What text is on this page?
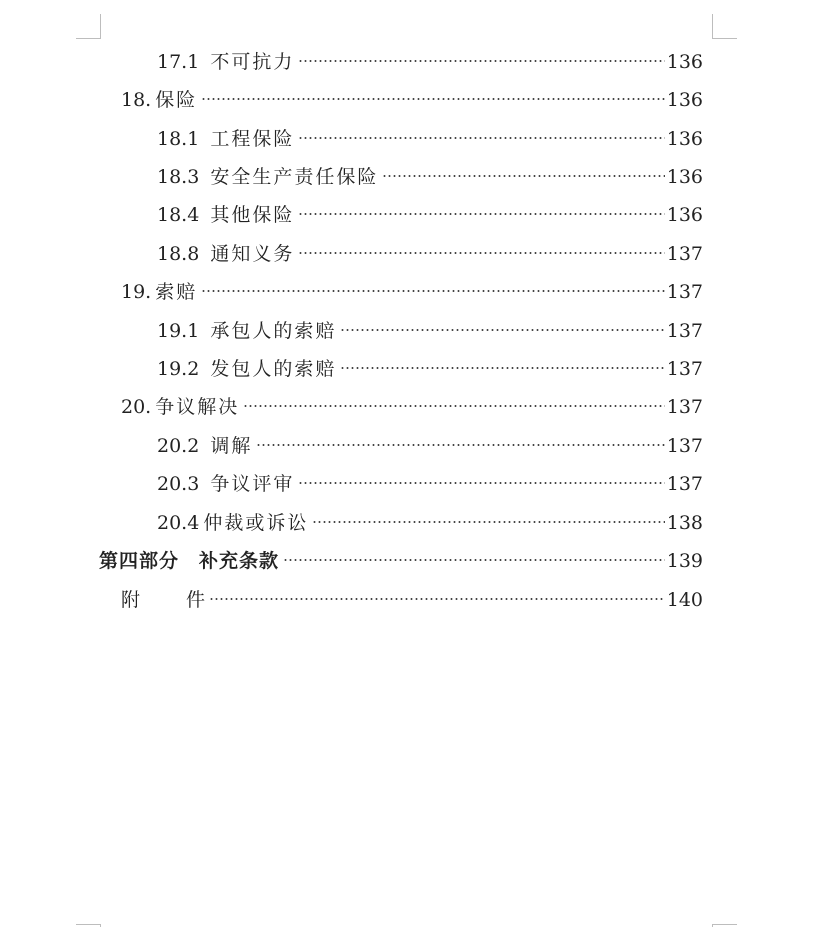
17.1 不可抗力	136
18. 保险	136
18.1 工程保险	136
18.3 安全生产责任保险	136
18.4 其他保险	136
18.8 通知义务	137
19. 索赔	137
19.1 承包人的索赔	137
19.2 发包人的索赔	137
20. 争议解决	137
20.2 调解	137
20.3 争议评审	137
20.4 仲裁或诉讼	138
第四部分 补充条款	139
附 件	140
